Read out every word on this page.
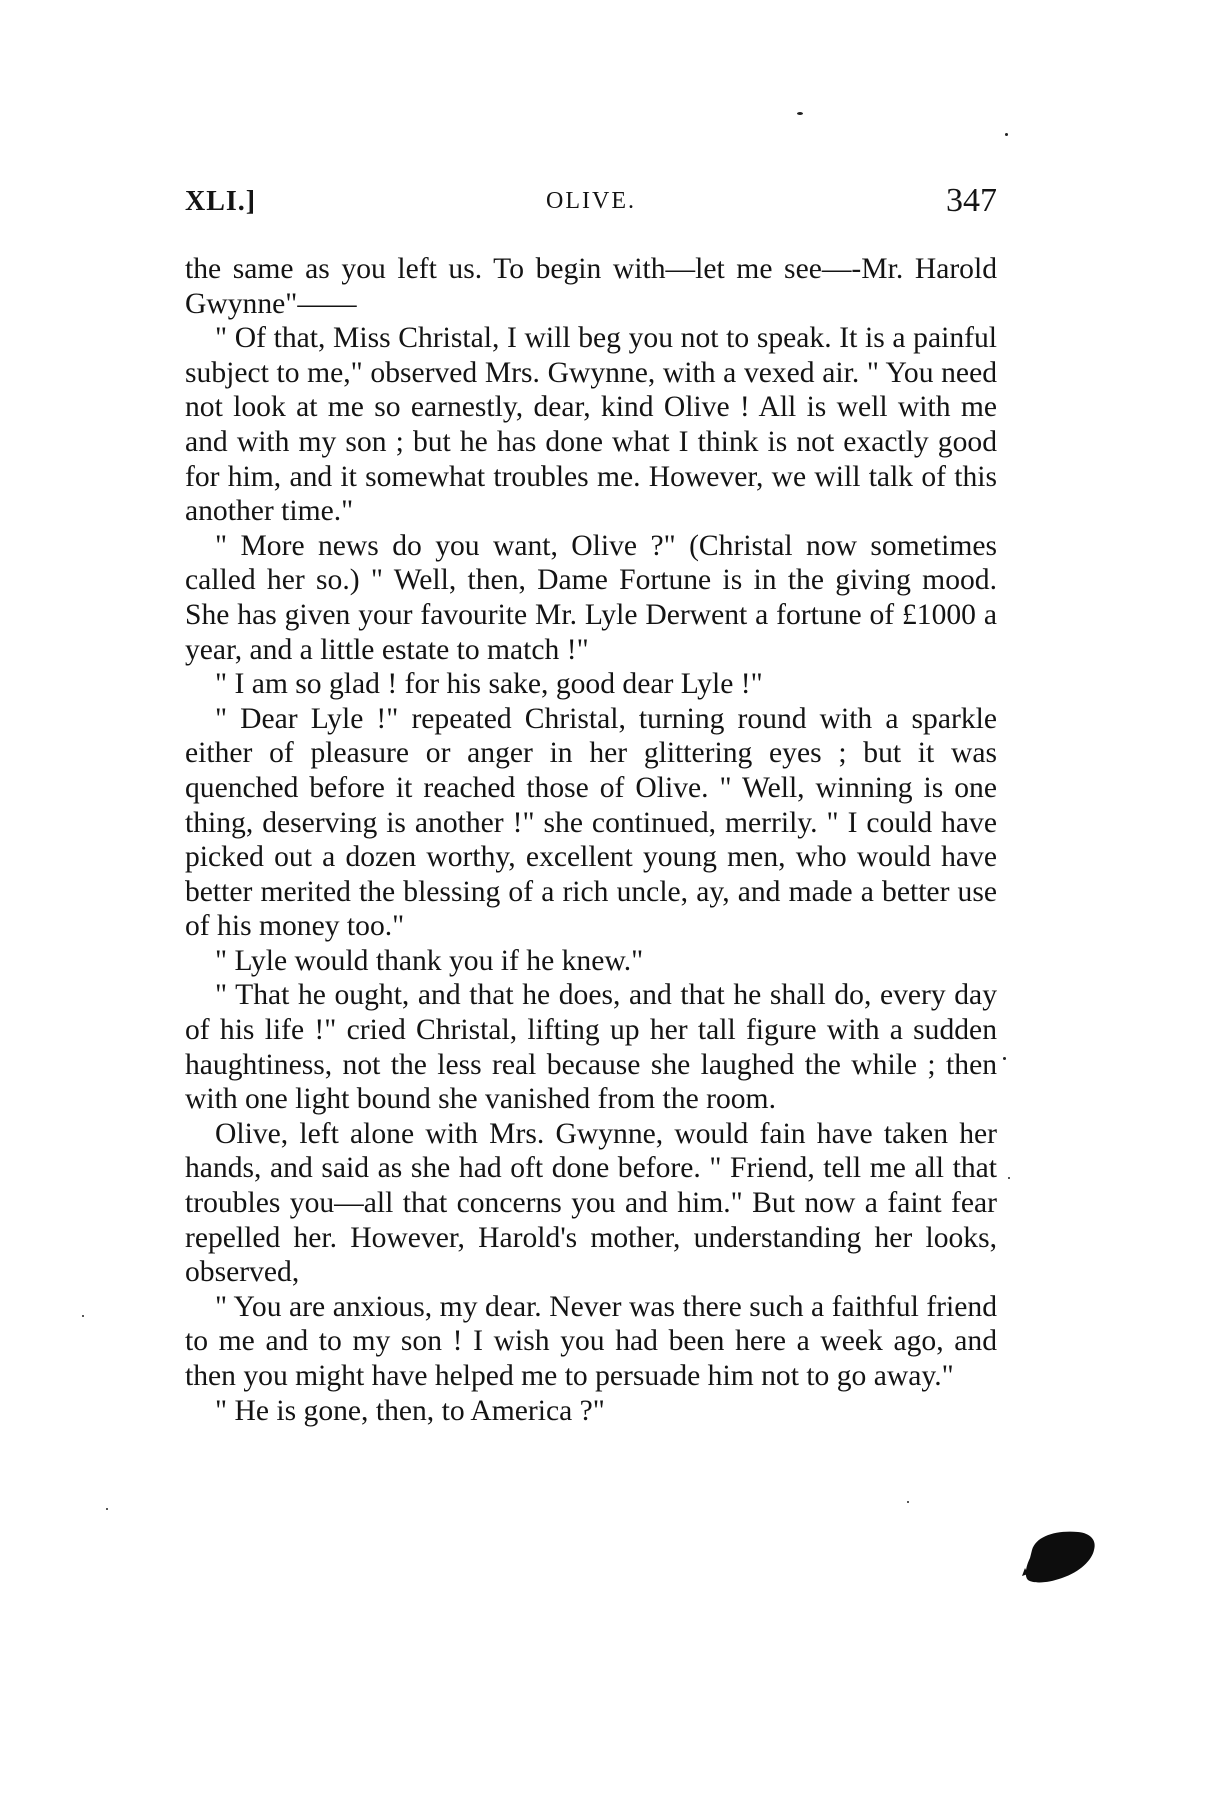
XLI.]	OLIVE.	347

the same as you left us. To begin with—let me see—-Mr. Harold Gwynne"——

" Of that, Miss Christal, I will beg you not to speak. It is a painful subject to me," observed Mrs. Gwynne, with a vexed air. " You need not look at me so earnestly, dear, kind Olive ! All is well with me and with my son ; but he has done what I think is not exactly good for him, and it somewhat troubles me. However, we will talk of this another time."

" More news do you want, Olive ?" (Christal now sometimes called her so.) " Well, then, Dame Fortune is in the giving mood. She has given your favourite Mr. Lyle Derwent a fortune of £1000 a year, and a little estate to match !"

" I am so glad ! for his sake, good dear Lyle !"

" Dear Lyle !" repeated Christal, turning round with a sparkle either of pleasure or anger in her glittering eyes ; but it was quenched before it reached those of Olive. " Well, winning is one thing, deserving is another !" she continued, merrily. " I could have picked out a dozen worthy, excellent young men, who would have better merited the blessing of a rich uncle, ay, and made a better use of his money too."

" Lyle would thank you if he knew."

" That he ought, and that he does, and that he shall do, every day of his life !" cried Christal, lifting up her tall figure with a sudden haughtiness, not the less real because she laughed the while ; then with one light bound she vanished from the room.

Olive, left alone with Mrs. Gwynne, would fain have taken her hands, and said as she had oft done before. " Friend, tell me all that troubles you—all that concerns you and him." But now a faint fear repelled her. However, Harold's mother, understanding her looks, observed,

" You are anxious, my dear. Never was there such a faithful friend to me and to my son ! I wish you had been here a week ago, and then you might have helped me to persuade him not to go away."

" He is gone, then, to America ?"
